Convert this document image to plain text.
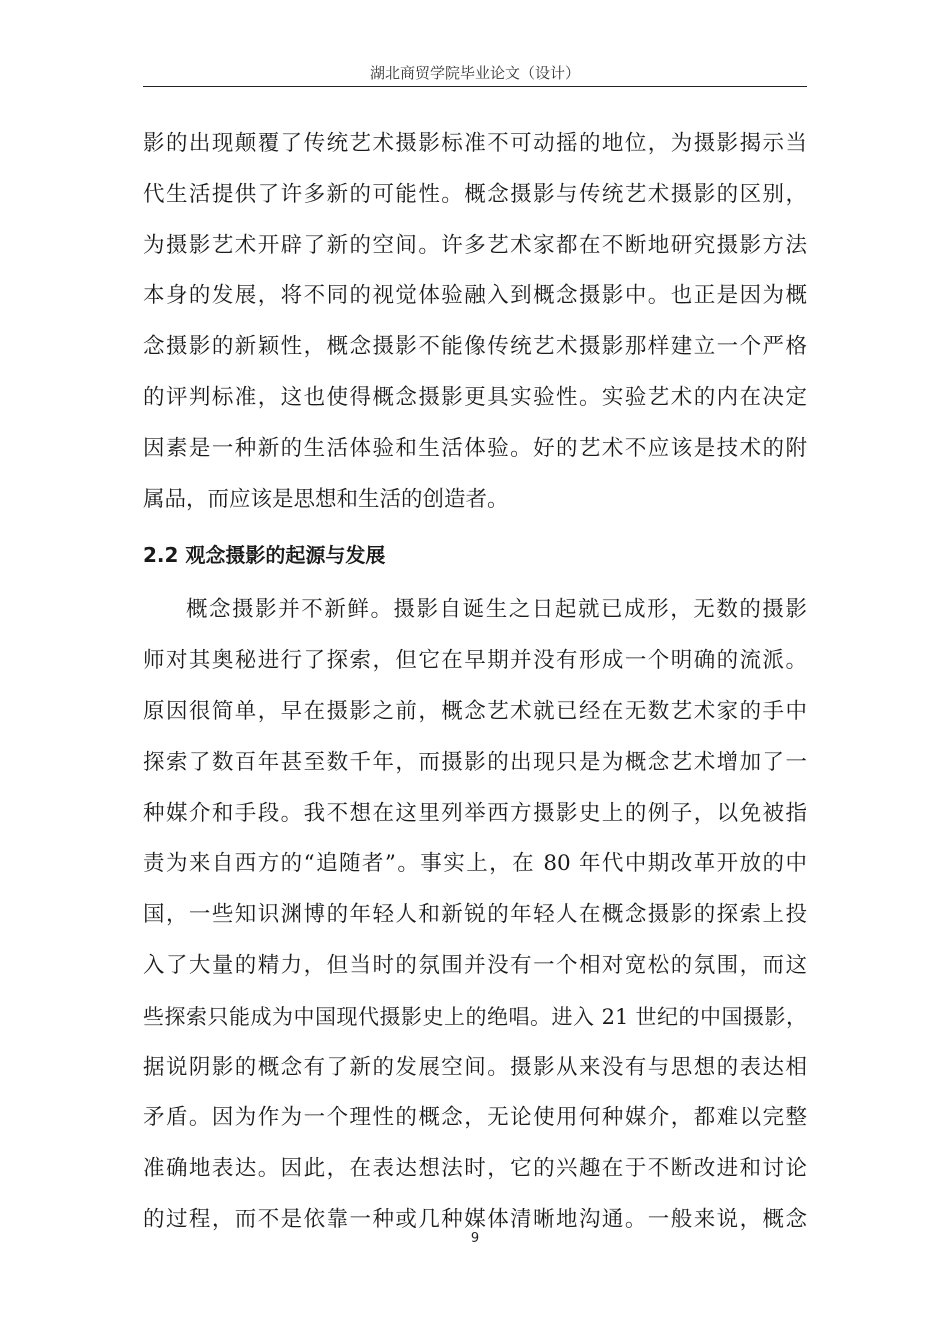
湖北商贸学院毕业论文（设计）
影的出现颠覆了传统艺术摄影标准不可动摇的地位，为摄影揭示当
代生活提供了许多新的可能性。概念摄影与传统艺术摄影的区别，
为摄影艺术开辟了新的空间。许多艺术家都在不断地研究摄影方法
本身的发展，将不同的视觉体验融入到概念摄影中。也正是因为概
念摄影的新颖性，概念摄影不能像传统艺术摄影那样建立一个严格
的评判标准，这也使得概念摄影更具实验性。实验艺术的内在决定
因素是一种新的生活体验和生活体验。好的艺术不应该是技术的附
属品，而应该是思想和生活的创造者。
2.2 观念摄影的起源与发展
概念摄影并不新鲜。摄影自诞生之日起就已成形，无数的摄影
师对其奥秘进行了探索，但它在早期并没有形成一个明确的流派。
原因很简单，早在摄影之前，概念艺术就已经在无数艺术家的手中
探索了数百年甚至数千年，而摄影的出现只是为概念艺术增加了一
种媒介和手段。我不想在这里列举西方摄影史上的例子，以免被指
责为来自西方的“追随者”。事实上，在 80 年代中期改革开放的中
国，一些知识渊博的年轻人和新锐的年轻人在概念摄影的探索上投
入了大量的精力，但当时的氛围并没有一个相对宽松的氛围，而这
些探索只能成为中国现代摄影史上的绝唱。进入 21 世纪的中国摄影，
据说阴影的概念有了新的发展空间。摄影从来没有与思想的表达相
矛盾。因为作为一个理性的概念，无论使用何种媒介，都难以完整
准确地表达。因此，在表达想法时，它的兴趣在于不断改进和讨论
的过程，而不是依靠一种或几种媒体清晰地沟通。一般来说，概念
9
